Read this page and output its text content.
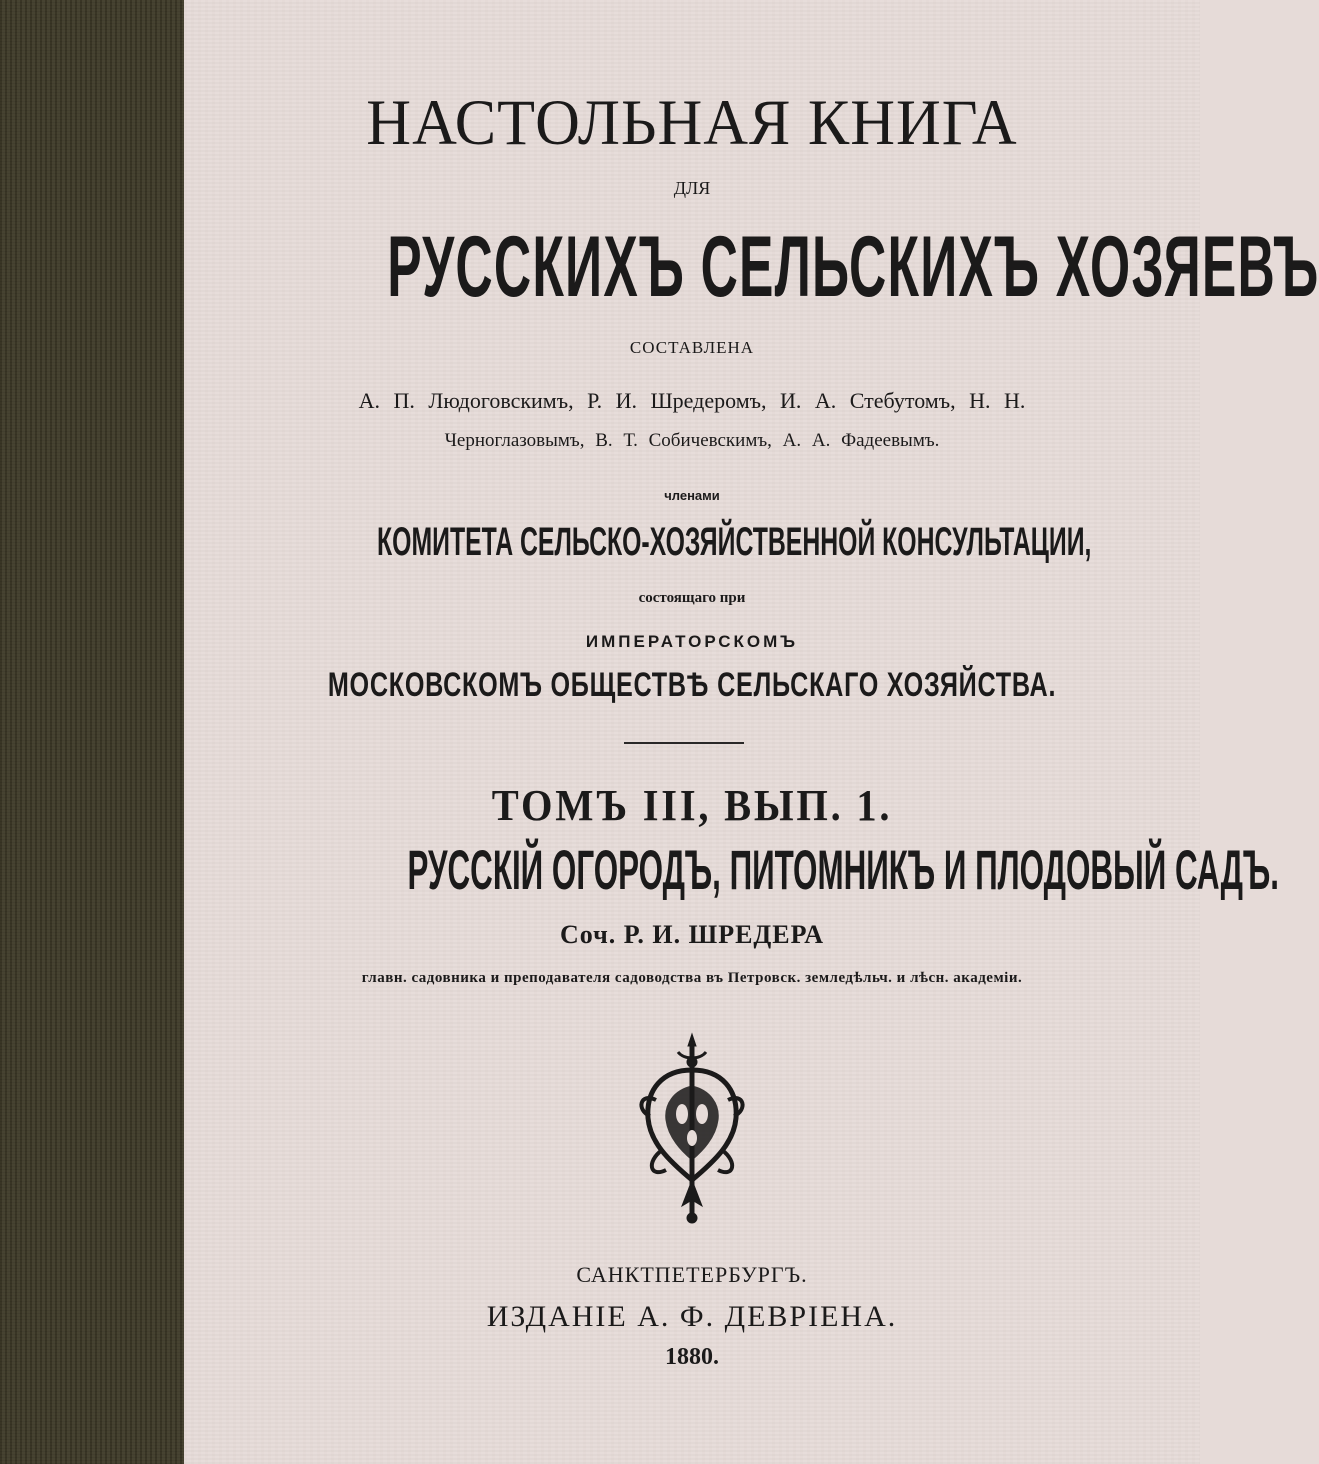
НАСТОЛЬНАЯ КНИГА
ДЛЯ
РУССКИХЪ СЕЛЬСКИХЪ ХОЗЯЕВЪ
СОСТАВЛЕНА
А. П. Людоговскимъ, Р. И. Шредеромъ, И. А. Стебутомъ, Н. Н.
Черноглазовымъ, В. Т. Собичевскимъ, А. А. Фадеевымъ.
членами
КОМИТЕТА СЕЛЬСКО-ХОЗЯЙСТВЕННОЙ КОНСУЛЬТАЦИИ,
состоящаго при
ИМПЕРАТОРСКОМЪ
МОСКОВСКОМЪ ОБЩЕСТВѢ СЕЛЬСКАГО ХОЗЯЙСТВА.
ТОМЪ III, ВЫП. 1.
РУССКІЙ ОГОРОДЪ, ПИТОМНИКЪ И ПЛОДОВЫЙ САДЪ.
Соч. Р. И. ШРЕДЕРА
главн. садовника и преподавателя садоводства въ Петровск. земледѣльч. и лѣсн. академіи.
САНКТПЕТЕРБУРГЪ.
ИЗДАНІЕ А. Ф. ДЕВРІЕНА.
1880.
